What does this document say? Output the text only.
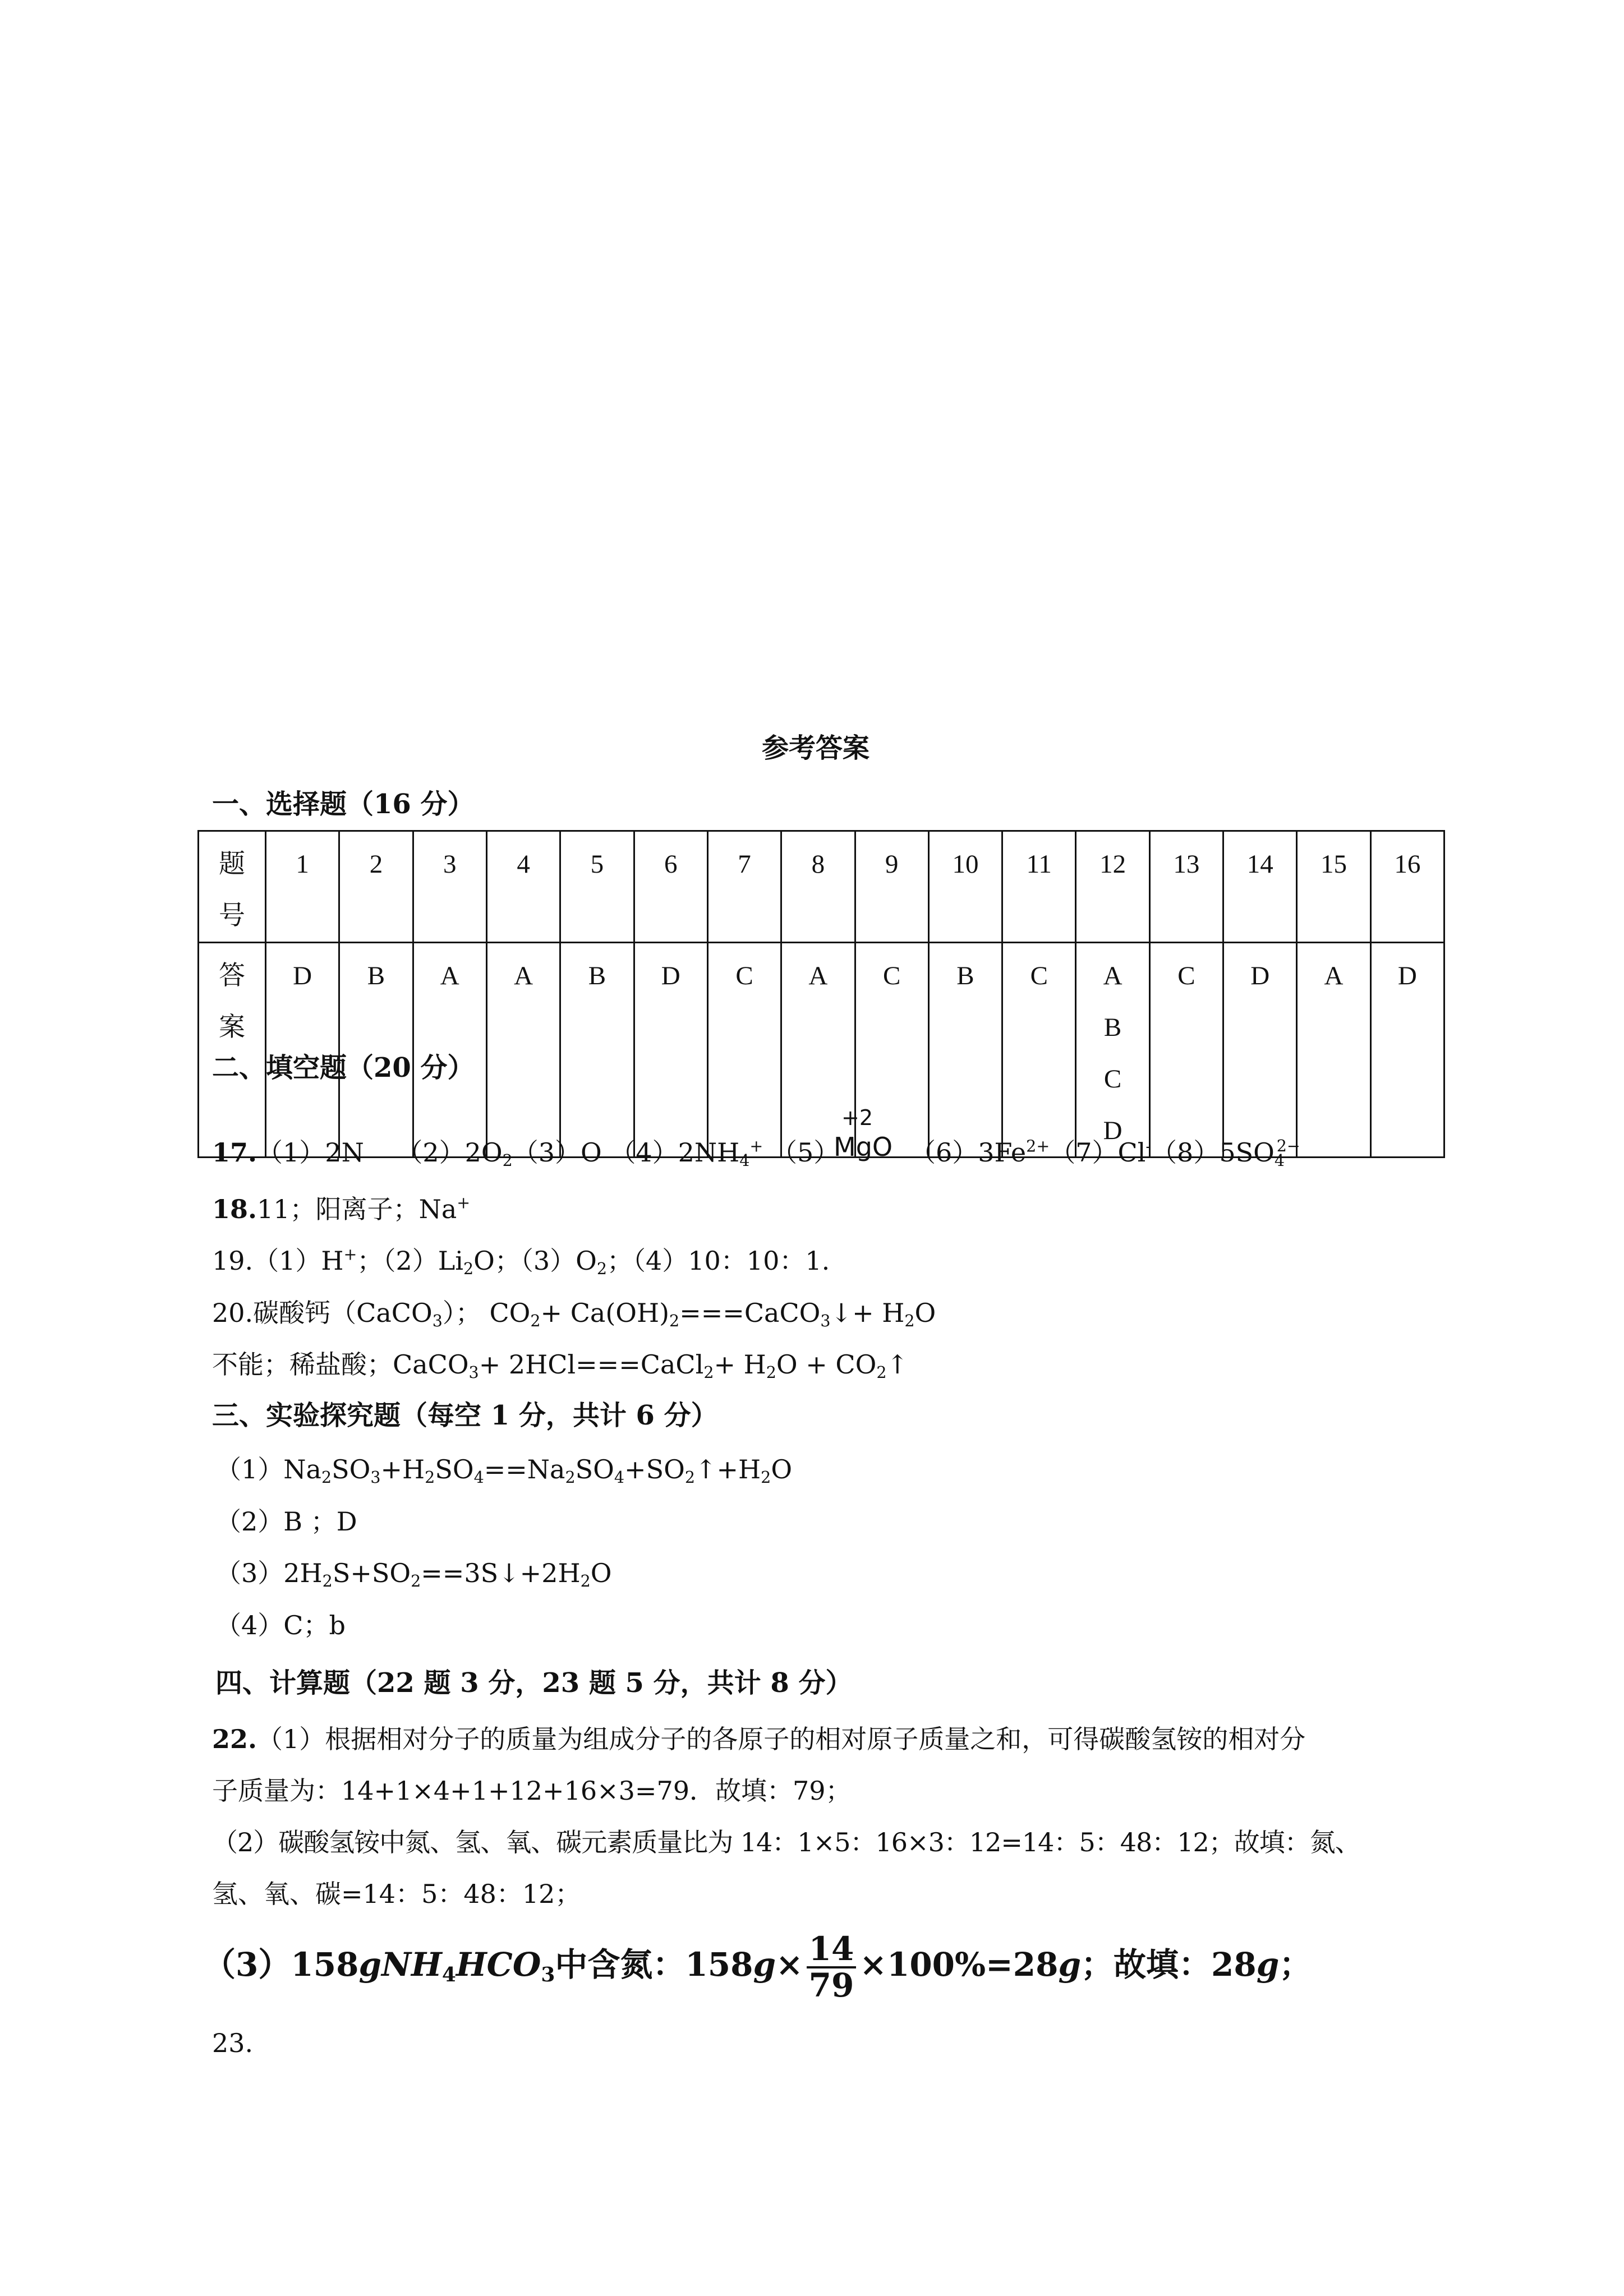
参考答案
一、选择题（16 分）
题号	1	2	3	4	5	6	7	8	9	10	11	12	13	14	15	16
答案	D	B	A	A	B	D	C	A	C	B	C	ABCD	C	D	A	D
二、填空题（20 分）
17.（1）2N $(2)2O_2(3)O$ $(4)2NH_4^+$ （5）
+2
MgO $(6)3Fe^{2+}(7)Cl^-(8)5SO_4^{2-}$
18.11；阳离子；Na+
19.（1）H+；$(2)Li_2O$；$(3)O_2$；（4）10：10：1.
20.碳酸钙（CaCO$_3$）； $CO_2+$ $Ca(OH)_2===CaCO_3↓+ H_2O$
不能；稀盐酸；CaCO$_3$+ 2HCl===CaCl$_2$+ $H_2O$ + $CO_2↑$
三、实验探究题（每空 1 分，共计 6 分）
$(1)Na_2SO_3+H_2SO_4==Na_2SO_4+SO_2↑+H_2O$
（2）B ；D
$(3)2H_2S+SO_2==3S↓+2H_2O$
（4）C；b
四、计算题（22 题 3 分，23 题 5 分，共计 8 分）
22.（1）根据相对分子的质量为组成分子的各原子的相对原子质量之和，可得碳酸氢铵的相对分
子质量为：14+1×4+1+12+16×3=79．故填：79；
（2）碳酸氢铵中氮、氢、氧、碳元素质量比为 14：1×5：16×3：12=14：5：48：12；故填：氮、
氢、氧、碳=14：5：48：12；
$(3)158gNH_4HCO_3$中含氮：$158g\times \frac{14}{79} \times 100\%=28g$；故填：28g；
23.
